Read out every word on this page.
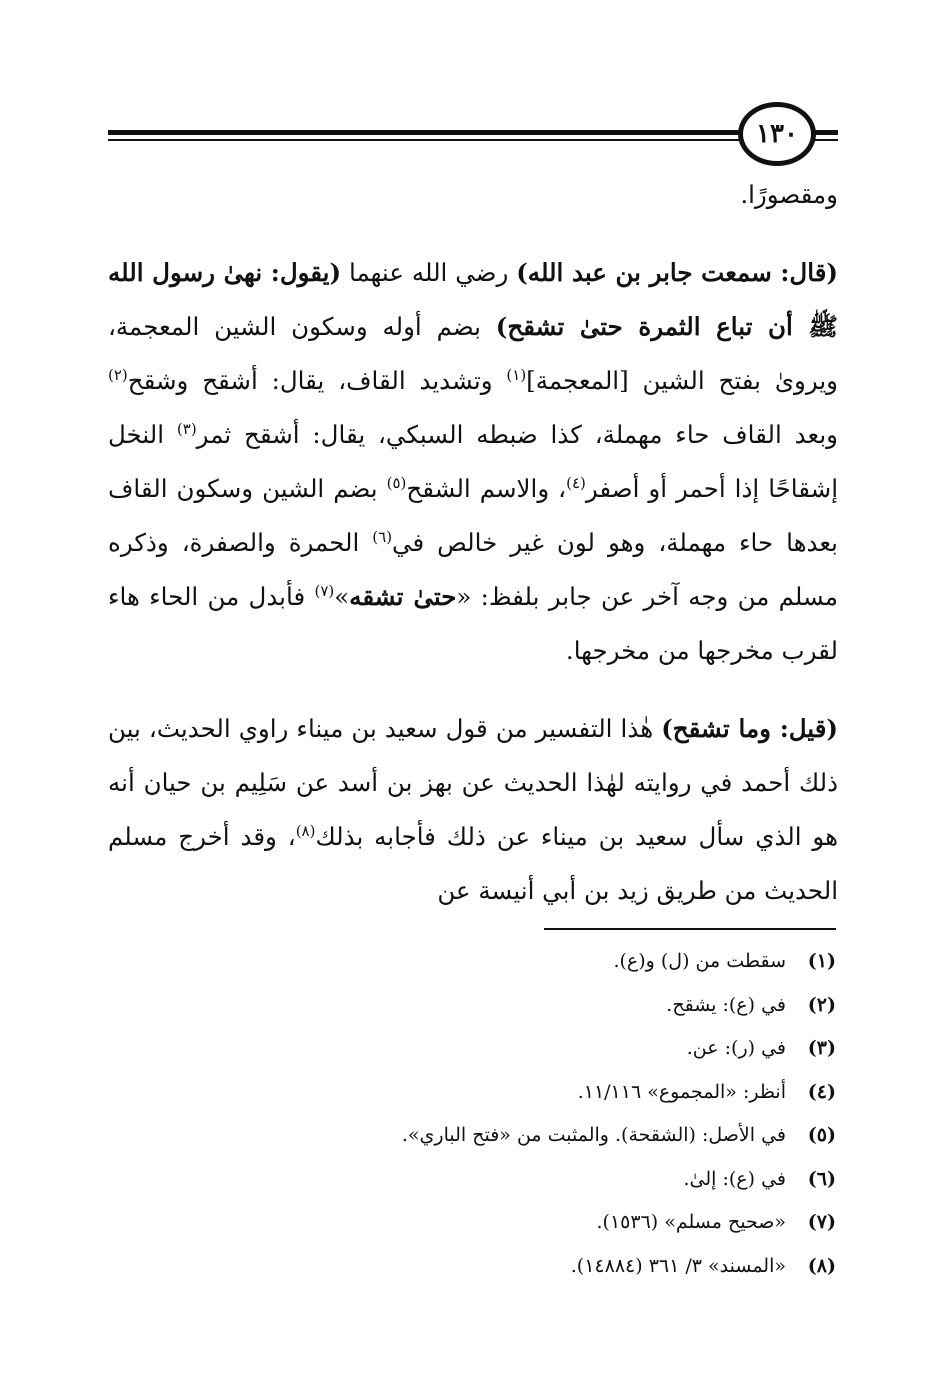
١٣٠

ومقصورًا.

(قال: سمعت جابر بن عبد الله) رضي الله عنهما (يقول: نهىٰ رسول الله ﷺ أن تباع الثمرة حتىٰ تشقح) بضم أوله وسكون الشين المعجمة، ويروىٰ بفتح الشين [المعجمة]$^{(١)}$ وتشديد القاف، يقال: أشقح وشقح$^{(٢)}$ وبعد القاف حاء مهملة، كذا ضبطه السبكي، يقال: أشقح ثمر$^{(٣)}$ النخل إشقاحًا إذا أحمر أو أصفر$^{(٤)}$، والاسم الشقح$^{(٥)}$ بضم الشين وسكون القاف بعدها حاء مهملة، وهو لون غير خالص في$^{(٦)}$ الحمرة والصفرة، وذكره مسلم من وجه آخر عن جابر بلفظ: «حتىٰ تشقه»$^{(٧)}$ فأبدل من الحاء هاء لقرب مخرجها من مخرجها.

(قيل: وما تشقح) هٰذا التفسير من قول سعيد بن ميناء راوي الحديث، بين ذلك أحمد في روايته لهٰذا الحديث عن بهز بن أسد عن سَلِيم بن حيان أنه هو الذي سأل سعيد بن ميناء عن ذلك فأجابه بذلك$^{(٨)}$، وقد أخرج مسلم الحديث من طريق زيد بن أبي أنيسة عن

(١)
سقطت من (ل) و(ع).
(٢)
في (ع): يشقح.
(٣)
في (ر): عن.
(٤)
أنظر: «المجموع» ١١/١١٦.
(٥)
في الأصل: (الشقحة). والمثبت من «فتح الباري».
(٦)
في (ع): إلىٰ.
(٧)
«صحيح مسلم» (١٥٣٦).
(٨)
«المسند» ٣/ ٣٦١ (١٤٨٨٤).
